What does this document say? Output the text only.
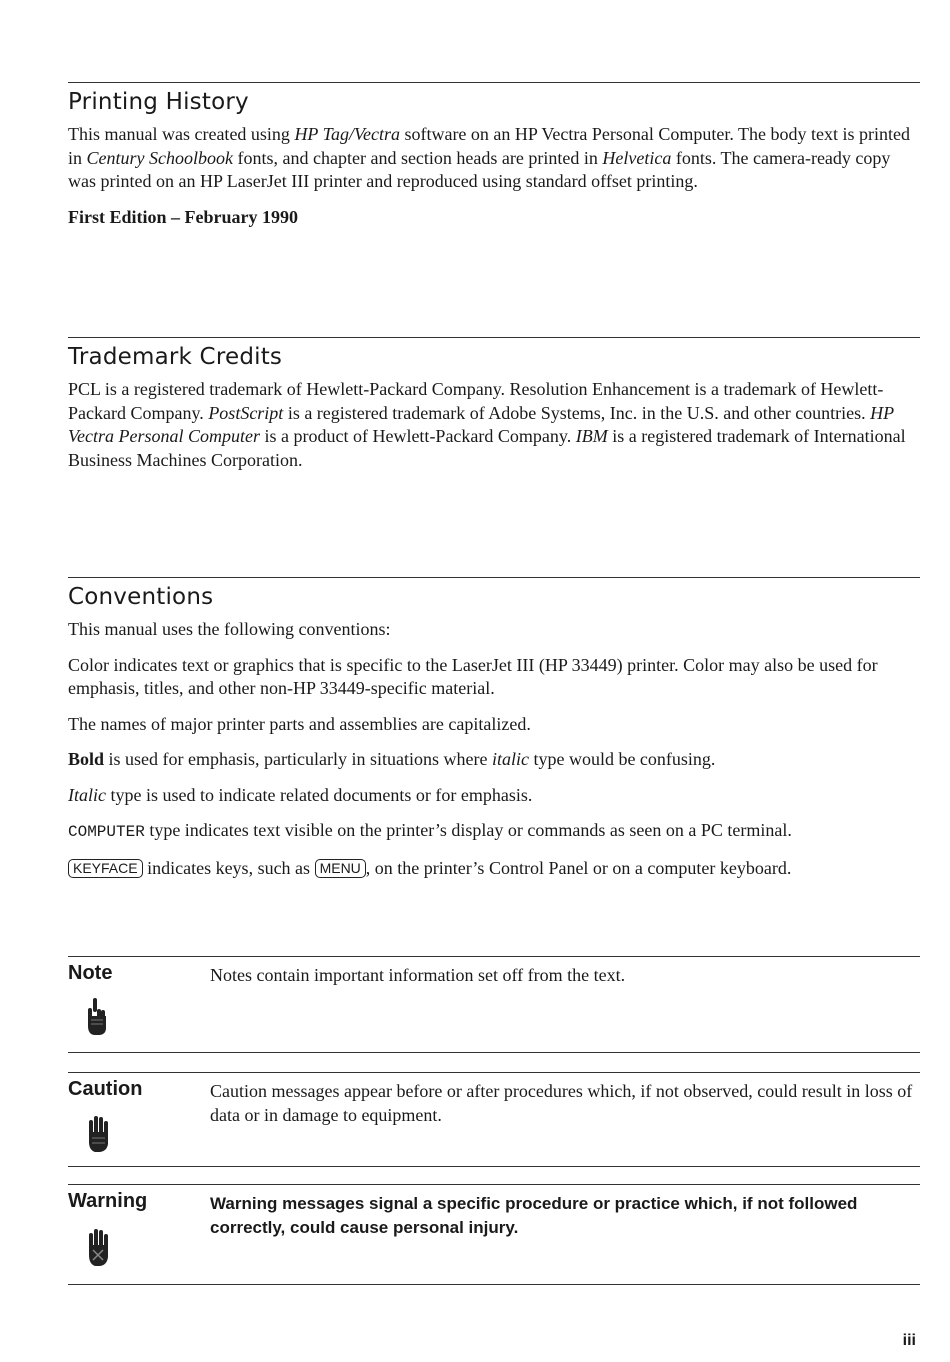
Printing History

This manual was created using HP Tag/Vectra software on an HP Vectra Personal Computer. The body text is printed in Century Schoolbook fonts, and chapter and section heads are printed in Helvetica fonts. The camera-ready copy was printed on an HP LaserJet III printer and reproduced using standard offset printing.

First Edition – February 1990

Trademark Credits

PCL is a registered trademark of Hewlett-Packard Company. Resolution Enhancement is a trademark of Hewlett-Packard Company. PostScript is a registered trademark of Adobe Systems, Inc. in the U.S. and other countries. HP Vectra Personal Computer is a product of Hewlett-Packard Company. IBM is a registered trademark of International Business Machines Corporation.

Conventions

This manual uses the following conventions:

Color indicates text or graphics that is specific to the LaserJet III (HP 33449) printer. Color may also be used for emphasis, titles, and other non-HP 33449-specific material.

The names of major printer parts and assemblies are capitalized.

Bold is used for emphasis, particularly in situations where italic type would be confusing.

Italic type is used to indicate related documents or for emphasis.

COMPUTER type indicates text visible on the printer’s display or commands as seen on a PC terminal.

KEYFACE indicates keys, such as MENU , on the printer’s Control Panel or on a computer keyboard.

Note	Notes contain important information set off from the text.

Caution	Caution messages appear before or after procedures which, if not observed, could result in loss of data or in damage to equipment.

Warning	Warning messages signal a specific procedure or practice which, if not followed correctly, could cause personal injury.

iii
